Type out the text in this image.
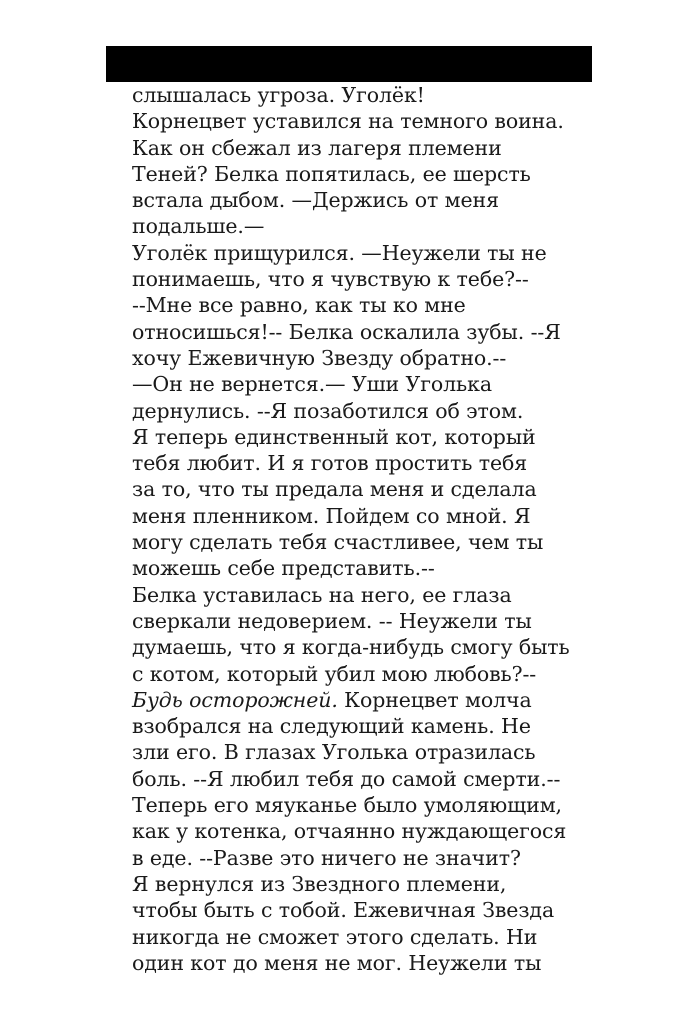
слышалась угроза. Уголёк!
Корнецвет уставился на темного воина.
Как он сбежал из лагеря племени
Теней? Белка попятилась, ее шерсть
встала дыбом. —Держись от меня
подальше.—
Уголёк прищурился. —Неужели ты не
понимаешь, что я чувствую к тебе?--
--Мне все равно, как ты ко мне
относишься!-- Белка оскалила зубы. --Я
хочу Ежевичную Звезду обратно.--
—Он не вернется.— Уши Уголька
дернулись. --Я позаботился об этом.
Я теперь единственный кот, который
тебя любит. И я готов простить тебя
за то, что ты предала меня и сделала
меня пленником. Пойдем со мной. Я
могу сделать тебя счастливее, чем ты
можешь себе представить.--
Белка уставилась на него, ее глаза
сверкали недоверием. -- Неужели ты
думаешь, что я когда-нибудь смогу быть
с котом, который убил мою любовь?--
Будь осторожней. Корнецвет молча
взобрался на следующий камень. Не
зли его. В глазах Уголька отразилась
боль. --Я любил тебя до самой смерти.--
Теперь его мяуканье было умоляющим,
как у котенка, отчаянно нуждающегося
в еде. --Разве это ничего не значит?
Я вернулся из Звездного племени,
чтобы быть с тобой. Ежевичная Звезда
никогда не сможет этого сделать. Ни
один кот до меня не мог. Неужели ты
